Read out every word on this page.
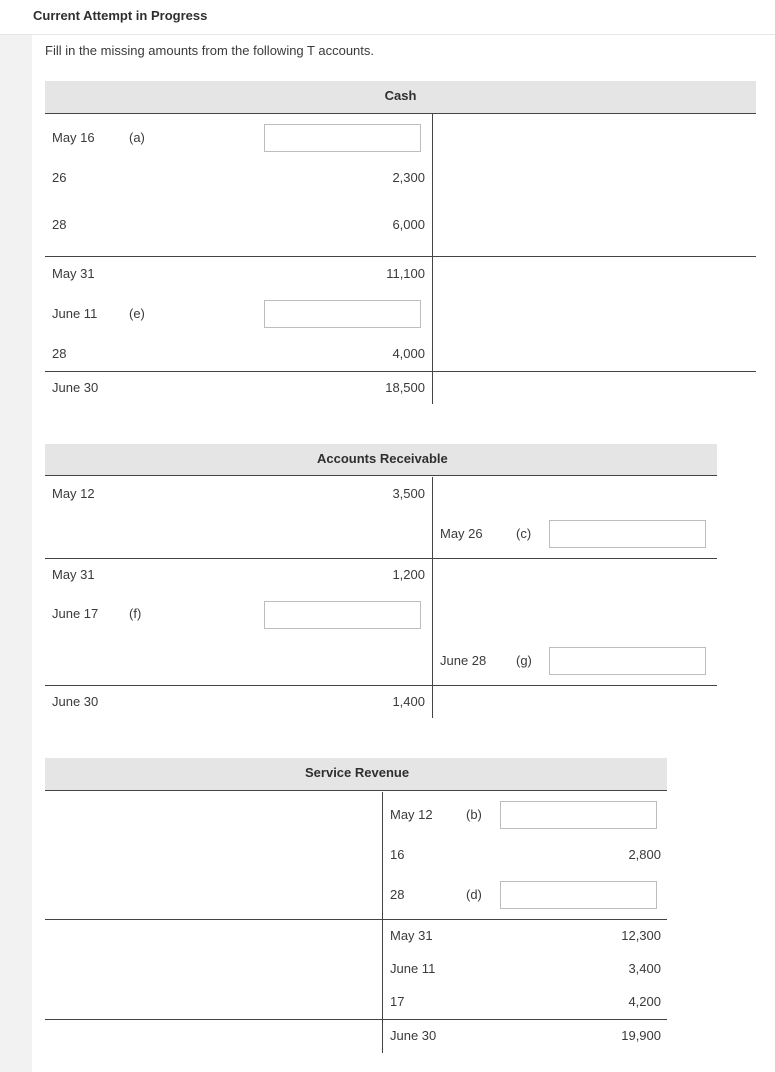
Current Attempt in Progress
Fill in the missing amounts from the following T accounts.
Cash
May 16	(a)
26	2,300
28	6,000
May 31	11,100
June 11 (e)
28	4,000
June 30	18,500
Accounts Receivable
May 12	3,500
May 26	(c)
May 31	1,200
June 17 (f)
June 28 (g)
June 30	1,400
Service Revenue
May 12	(b)
16	2,800
28	(d)
May 31	12,300
June 11	3,400
17	4,200
June 30	19,900
